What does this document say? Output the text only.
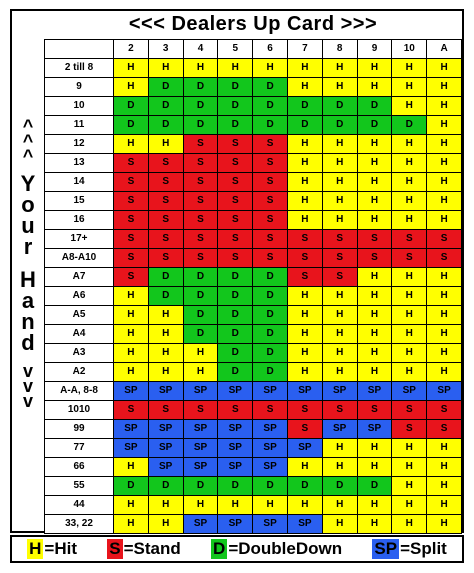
<<< Dealers Up Card >>>
^
^
^
Y
o
u
r
H
a
n
d
v
v
v
	2	3	4	5	6	7	8	9	10	A
2 till 8	H	H	H	H	H	H	H	H	H	H
9	H	D	D	D	D	H	H	H	H	H
10	D	D	D	D	D	D	D	D	H	H
11	D	D	D	D	D	D	D	D	D	H
12	H	H	S	S	S	H	H	H	H	H
13	S	S	S	S	S	H	H	H	H	H
14	S	S	S	S	S	H	H	H	H	H
15	S	S	S	S	S	H	H	H	H	H
16	S	S	S	S	S	H	H	H	H	H
17+	S	S	S	S	S	S	S	S	S	S
A8-A10	S	S	S	S	S	S	S	S	S	S
A7	S	D	D	D	D	S	S	H	H	H
A6	H	D	D	D	D	H	H	H	H	H
A5	H	H	D	D	D	H	H	H	H	H
A4	H	H	D	D	D	H	H	H	H	H
A3	H	H	H	D	D	H	H	H	H	H
A2	H	H	H	D	D	H	H	H	H	H
A-A, 8-8	SP	SP	SP	SP	SP	SP	SP	SP	SP	SP
1010	S	S	S	S	S	S	S	S	S	S
99	SP	SP	SP	SP	SP	S	SP	SP	S	S
77	SP	SP	SP	SP	SP	SP	H	H	H	H
66	H	SP	SP	SP	SP	H	H	H	H	H
55	D	D	D	D	D	D	D	D	H	H
44	H	H	H	H	H	H	H	H	H	H
33, 22	H	H	SP	SP	SP	SP	H	H	H	H
H =Hit S =Stand D =DoubleDown SP =Split
